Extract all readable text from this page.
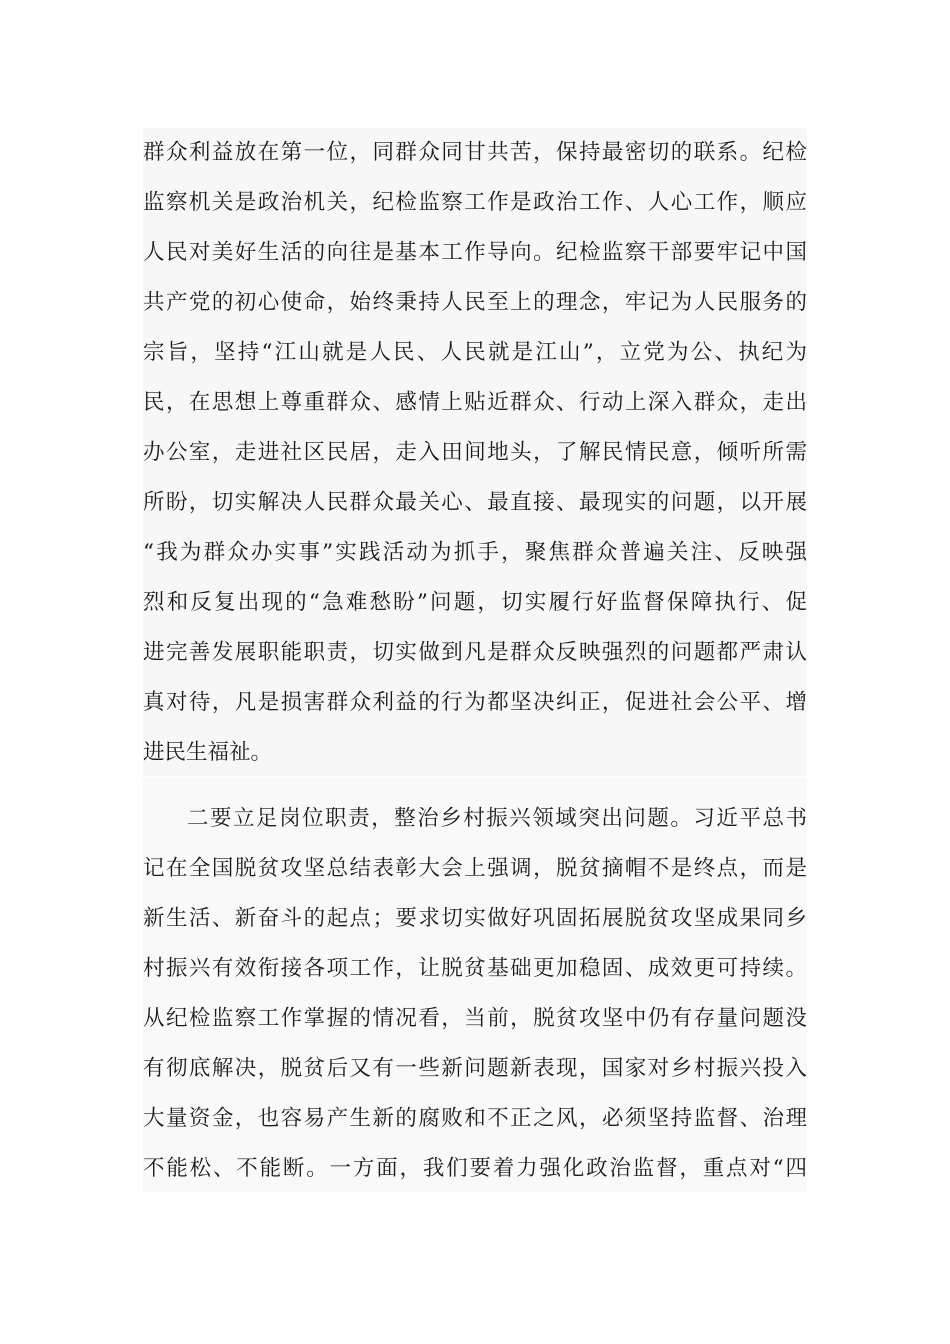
群众利益放在第一位，同群众同甘共苦，保持最密切的联系。纪检
监察机关是政治机关，纪检监察工作是政治工作、人心工作，顺应
人民对美好生活的向往是基本工作导向。纪检监察干部要牢记中国
共产党的初心使命，始终秉持人民至上的理念，牢记为人民服务的
宗旨，坚持“江山就是人民、人民就是江山”，立党为公、执纪为
民，在思想上尊重群众、感情上贴近群众、行动上深入群众，走出
办公室，走进社区民居，走入田间地头，了解民情民意，倾听所需
所盼，切实解决人民群众最关心、最直接、最现实的问题，以开展
“我为群众办实事”实践活动为抓手，聚焦群众普遍关注、反映强
烈和反复出现的“急难愁盼”问题，切实履行好监督保障执行、促
进完善发展职能职责，切实做到凡是群众反映强烈的问题都严肃认
真对待，凡是损害群众利益的行为都坚决纠正，促进社会公平、增
进民生福祉。
二要立足岗位职责，整治乡村振兴领域突出问题。习近平总书
记在全国脱贫攻坚总结表彰大会上强调，脱贫摘帽不是终点，而是
新生活、新奋斗的起点；要求切实做好巩固拓展脱贫攻坚成果同乡
村振兴有效衔接各项工作，让脱贫基础更加稳固、成效更可持续。
从纪检监察工作掌握的情况看，当前，脱贫攻坚中仍有存量问题没
有彻底解决，脱贫后又有一些新问题新表现，国家对乡村振兴投入
大量资金，也容易产生新的腐败和不正之风，必须坚持监督、治理
不能松、不能断。一方面，我们要着力强化政治监督，重点对“四
